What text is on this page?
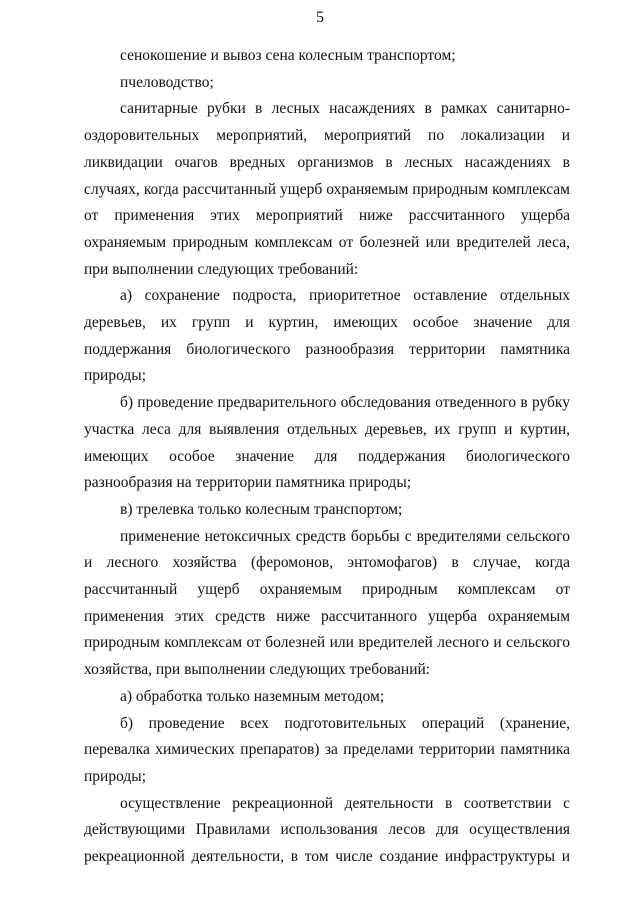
5

сенокошение и вывоз сена колесным транспортом;

пчеловодство;

санитарные рубки в лесных насаждениях в рамках санитарно-оздоровительных мероприятий, мероприятий по локализации и ликвидации очагов вредных организмов в лесных насаждениях в случаях, когда рассчитанный ущерб охраняемым природным комплексам от применения этих мероприятий ниже рассчитанного ущерба охраняемым природным комплексам от болезней или вредителей леса, при выполнении следующих требований:

а) сохранение подроста, приоритетное оставление отдельных деревьев, их групп и куртин, имеющих особое значение для поддержания биологического разнообразия территории памятника природы;

б) проведение предварительного обследования отведенного в рубку участка леса для выявления отдельных деревьев, их групп и куртин, имеющих особое значение для поддержания биологического разнообразия на территории памятника природы;

в) трелевка только колесным транспортом;

применение нетоксичных средств борьбы с вредителями сельского и лесного хозяйства (феромонов, энтомофагов) в случае, когда рассчитанный ущерб охраняемым природным комплексам от применения этих средств ниже рассчитанного ущерба охраняемым природным комплексам от болезней или вредителей лесного и сельского хозяйства, при выполнении следующих требований:

а) обработка только наземным методом;

б) проведение всех подготовительных операций (хранение, перевалка химических препаратов) за пределами территории памятника природы;

осуществление рекреационной деятельности в соответствии с действующими Правилами использования лесов для осуществления рекреационной деятельности, в том числе создание инфраструктуры и
